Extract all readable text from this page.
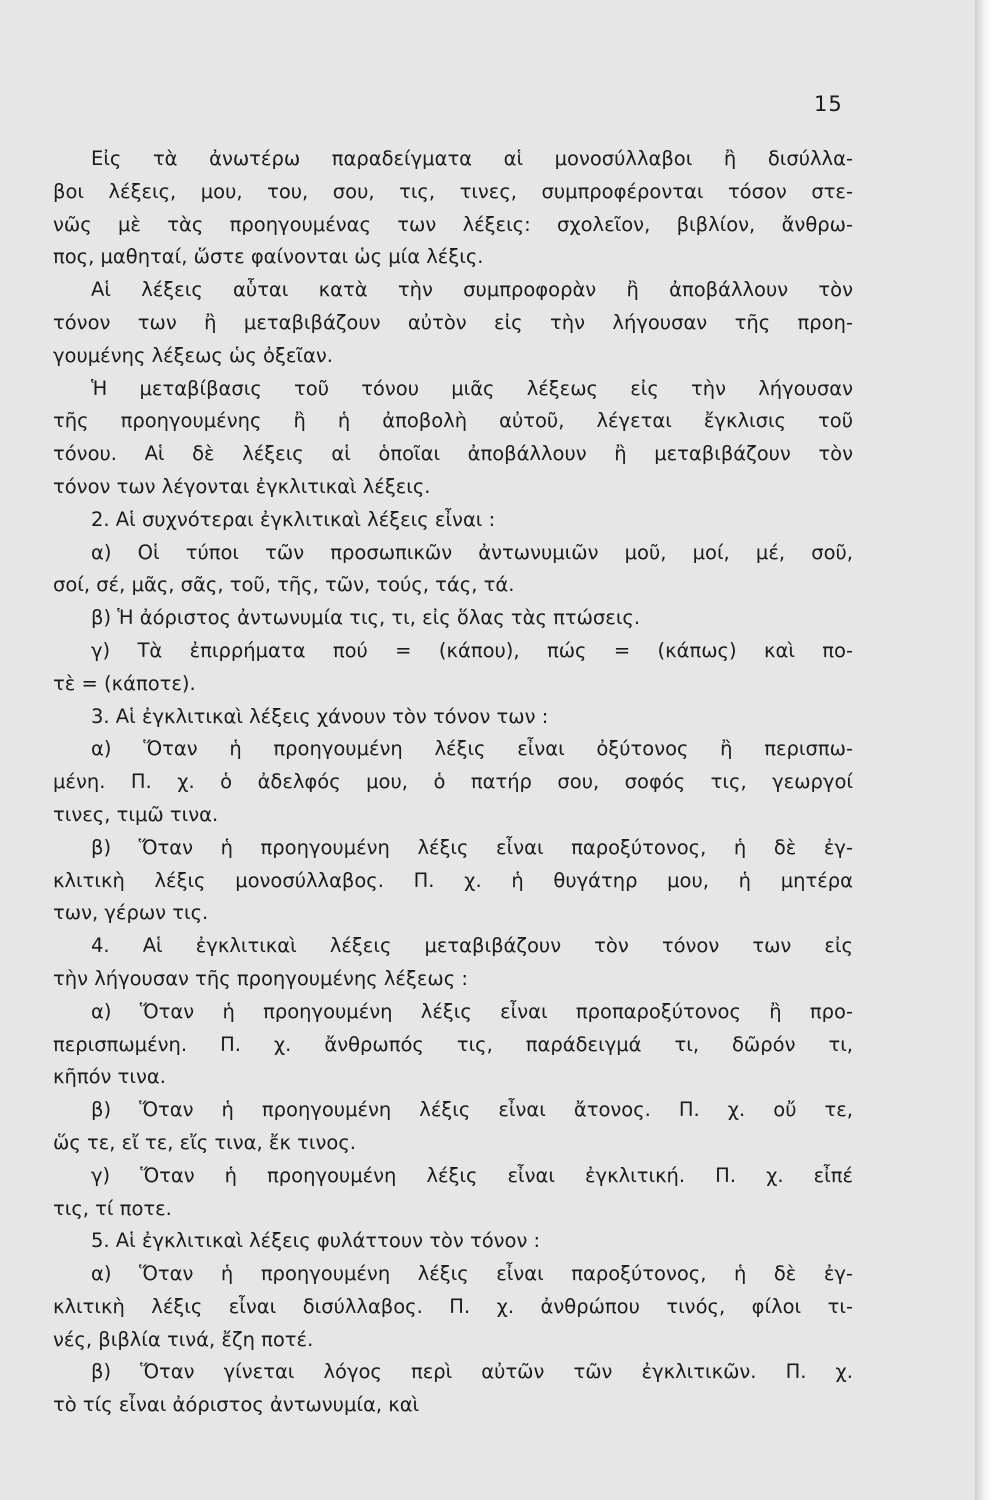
15
Εἰς τὰ ἀνωτέρω παραδείγματα αἱ μονοσύλλαβοι ἢ δισύλλα-
βοι λέξεις, μου, του, σου, τις, τινες, συμπροφέρονται τόσον στε-
νῶς μὲ τὰς προηγουμένας των λέξεις: σχολεῖον, βιβλίον, ἄνθρω-
πος, μαθηταί, ὥστε φαίνονται ὡς μία λέξις.
Αἱ λέξεις αὗται κατὰ τὴν συμπροφορὰν ἢ ἀποβάλλουν τὸν
τόνον των ἢ μεταβιβάζουν αὐτὸν εἰς τὴν λήγουσαν τῆς προη-
γουμένης λέξεως ὡς ὀξεῖαν.
Ἡ μεταβίβασις τοῦ τόνου μιᾶς λέξεως εἰς τὴν λήγουσαν
τῆς προηγουμένης ἢ ἡ ἀποβολὴ αὐτοῦ, λέγεται ἔγκλισις τοῦ
τόνου. Αἱ δὲ λέξεις αἱ ὁποῖαι ἀποβάλλουν ἢ μεταβιβάζουν τὸν
τόνον των λέγονται ἐγκλιτικαὶ λέξεις.
2. Αἱ συχνότεραι ἐγκλιτικαὶ λέξεις εἶναι :
α) Οἱ τύποι τῶν προσωπικῶν ἀντωνυμιῶν μοῦ, μοί, μέ, σοῦ,
σοί, σέ, μᾶς, σᾶς, τοῦ, τῆς, τῶν, τούς, τάς, τά.
β) Ἡ ἀόριστος ἀντωνυμία τις, τι, εἰς ὅλας τὰς πτώσεις.
γ) Τὰ ἐπιρρήματα πού = (κάπου), πώς = (κάπως) καὶ πο-
τὲ = (κάποτε).
3. Αἱ ἐγκλιτικαὶ λέξεις χάνουν τὸν τόνον των :
α) Ὅταν ἡ προηγουμένη λέξις εἶναι ὀξύτονος ἢ περισπω-
μένη. Π. χ. ὁ ἀδελφός μου, ὁ πατήρ σου, σοφός τις, γεωργοί
τινες, τιμῶ τινα.
β) Ὅταν ἡ προηγουμένη λέξις εἶναι παροξύτονος, ἡ δὲ ἐγ-
κλιτικὴ λέξις μονοσύλλαβος. Π. χ. ἡ θυγάτηρ μου, ἡ μητέρα
των, γέρων τις.
4. Αἱ ἐγκλιτικαὶ λέξεις μεταβιβάζουν τὸν τόνον των εἰς
τὴν λήγουσαν τῆς προηγουμένης λέξεως :
α) Ὅταν ἡ προηγουμένη λέξις εἶναι προπαροξύτονος ἢ προ-
περισπωμένη. Π. χ. ἄνθρωπός τις, παράδειγμά τι, δῶρόν τι,
κῆπόν τινα.
β) Ὅταν ἡ προηγουμένη λέξις εἶναι ἄτονος. Π. χ. οὔ τε,
ὥς τε, εἴ τε, εἴς τινα, ἔκ τινος.
γ) Ὅταν ἡ προηγουμένη λέξις εἶναι ἐγκλιτική. Π. χ. εἶπέ
τις, τί ποτε.
5. Αἱ ἐγκλιτικαὶ λέξεις φυλάττουν τὸν τόνον :
α) Ὅταν ἡ προηγουμένη λέξις εἶναι παροξύτονος, ἡ δὲ ἐγ-
κλιτικὴ λέξις εἶναι δισύλλαβος. Π. χ. ἀνθρώπου τινός, φίλοι τι-
νές, βιβλία τινά, ἔζη ποτέ.
β) Ὅταν γίνεται λόγος περὶ αὐτῶν τῶν ἐγκλιτικῶν. Π. χ.
τὸ τίς εἶναι ἀόριστος ἀντωνυμία, καὶ
